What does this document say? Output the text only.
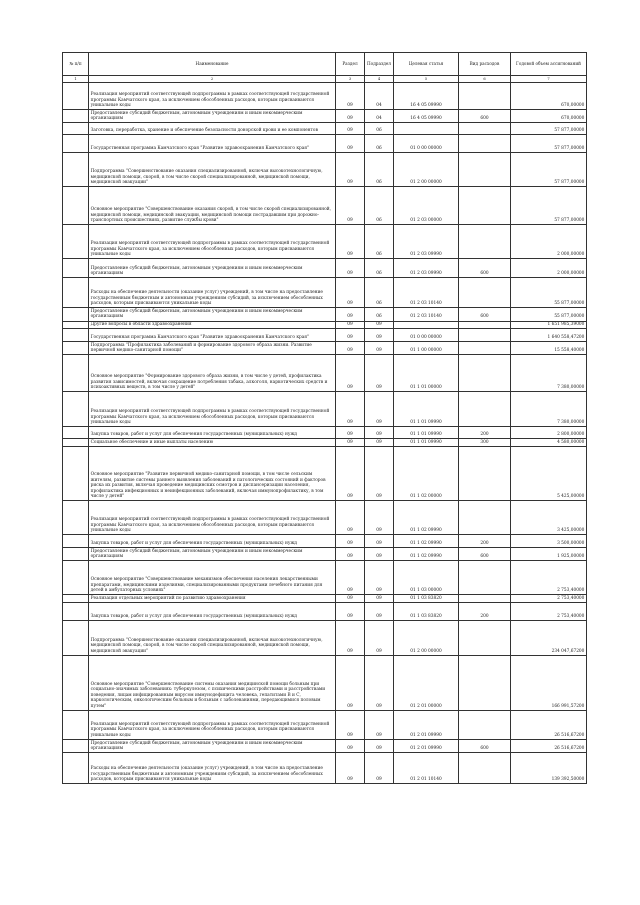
№ п/п	Наименование	Раздел	Подраздел	Целевая статья	Вид расходов	Годовой объем ассигнований
1	2	3	4	5	6	7
	Реализация мероприятий соответствующей подпрограммы в рамках соответствующей государственной программы Камчатского края, за исключением обособленных расходов, которым присваиваются уникальные коды	09	04	16 4 05 09990		670,00000
	Предоставление субсидий бюджетным, автономным учреждениям и иным некоммерческим организациям	09	04	16 4 05 09990	600	670,00000
	Заготовка, переработка, хранение и обеспечение безопасности донорской крови и ее компонентов	09	06			57 877,00000
	Государственная программа Камчатского края "Развитие здравоохранения Камчатского края"	09	06	01 0 00 00000		57 877,00000
	Подпрограмма "Совершенствование оказания специализированной, включая высокотехнологичную, медицинской помощи, скорой, в том числе скорой специализированной, медицинской помощи, медицинской эвакуации"	09	06	01 2 00 00000		57 877,00000
	Основное мероприятие "Совершенствование оказания скорой, в том числе скорой специализированной, медицинской помощи, медицинской эвакуации, медицинской помощи пострадавшим при дорожно-транспортных происшествиях, развитие службы крови"	09	06	01 2 03 00000		57 877,00000
	Реализация мероприятий соответствующей подпрограммы в рамках соответствующей государственной программы Камчатского края, за исключением обособленных расходов, которым присваиваются уникальные коды	09	06	01 2 03 09990		2 000,00000
	Предоставление субсидий бюджетным, автономным учреждениям и иным некоммерческим организациям	09	06	01 2 03 09990	600	2 000,00000
	Расходы на обеспечение деятельности (оказание услуг) учреждений, в том числе на предоставление государственным бюджетным и автономным учреждениям субсидий, за исключением обособленных расходов, которым присваиваются уникальные коды	09	06	01 2 03 10140		55 877,00000
	Предоставление субсидий бюджетным, автономным учреждениям и иным некоммерческим организациям	09	06	01 2 03 10140	600	55 877,00000
	Другие вопросы в области здравоохранения	09	09			1 651 985,39000
	Государственная программа Камчатского края "Развитие здравоохранения Камчатского края"	09	09	01 0 00 00000		1 640 558,47200
	Подпрограмма "Профилактика заболеваний и формирование здорового образа жизни. Развитие первичной медико-санитарной помощи"	09	09	01 1 00 00000		15 558,40000
	Основное мероприятие "Формирование здорового образа жизни, в том числе у детей, профилактика развития зависимостей, включая сокращение потребления табака, алкоголя, наркотических средств и психоактивных веществ, в том числе у детей"	09	09	01 1 01 00000		7 380,00000
	Реализация мероприятий соответствующей подпрограммы в рамках соответствующей государственной программы Камчатского края, за исключением обособленных расходов, которым присваиваются уникальные коды	09	09	01 1 01 09990		7 380,00000
	Закупка товаров, работ и услуг для обеспечения государственных (муниципальных) нужд	09	09	01 1 01 09990	200	2 800,00000
	Социальное обеспечение и иные выплаты населению	09	09	01 1 01 09990	300	4 580,00000
	Основное мероприятие "Развитие первичной медико-санитарной помощи, в том числе сельским жителям, развитие системы раннего выявления заболеваний и патологических состояний и факторов риска их развития, включая проведение медицинских осмотров и диспансеризации населения, профилактика инфекционных и неинфекционных заболеваний, включая иммунопрофилактику, в том числе у детей"	09	09	01 1 02 00000		5 425,00000
	Реализация мероприятий соответствующей подпрограммы в рамках соответствующей государственной программы Камчатского края, за исключением обособленных расходов, которым присваиваются уникальные коды	09	09	01 1 02 09990		3 425,00000
	Закупка товаров, работ и услуг для обеспечения государственных (муниципальных) нужд	09	09	01 1 02 09990	200	3 500,00000
	Предоставление субсидий бюджетным, автономным учреждениям и иным некоммерческим организациям	09	09	01 1 02 09990	600	1 925,00000
	Основное мероприятие "Совершенствование механизмов обеспечения населения лекарственными препаратами, медицинскими изделиями, специализированными продуктами лечебного питания для детей в амбулаторных условиях"	09	09	01 1 03 00000		2 753,40000
	Реализация отдельных мероприятий по развитию здравоохранения	09	09	01 1 03 83820		2 753,40000
	Закупка товаров, работ и услуг для обеспечения государственных (муниципальных) нужд	09	09	01 1 03 83820	200	2 753,40000
	Подпрограмма "Совершенствование оказания специализированной, включая высокотехнологичную, медицинской помощи, скорой, в том числе скорой специализированной, медицинской помощи, медицинской эвакуации"	09	09	01 2 00 00000		234 047,67200
	Основное мероприятие "Совершенствование системы оказания медицинской помощи больным при социально-значимых заболеваниях: туберкулезом, с психическими расстройствами и расстройствами поведения, лицам инфицированным вирусом иммунодефицита человека, гепатитами В и С, наркологическим, онкологическим больным и больным с заболеваниями, передающимися половым путем"	09	09	01 2 01 00000		166 991,57200
	Реализация мероприятий соответствующей подпрограммы в рамках соответствующей государственной программы Камчатского края, за исключением обособленных расходов, которым присваиваются уникальные коды	09	09	01 2 01 09990		26 516,67200
	Предоставление субсидий бюджетным, автономным учреждениям и иным некоммерческим организациям	09	09	01 2 01 09990	600	26 516,67200
	Расходы на обеспечение деятельности (оказание услуг) учреждений, в том числе на предоставление государственным бюджетным и автономным учреждениям субсидий, за исключением обособленных расходов, которым присваиваются уникальные коды	09	09	01 2 01 10140		139 392,50000
